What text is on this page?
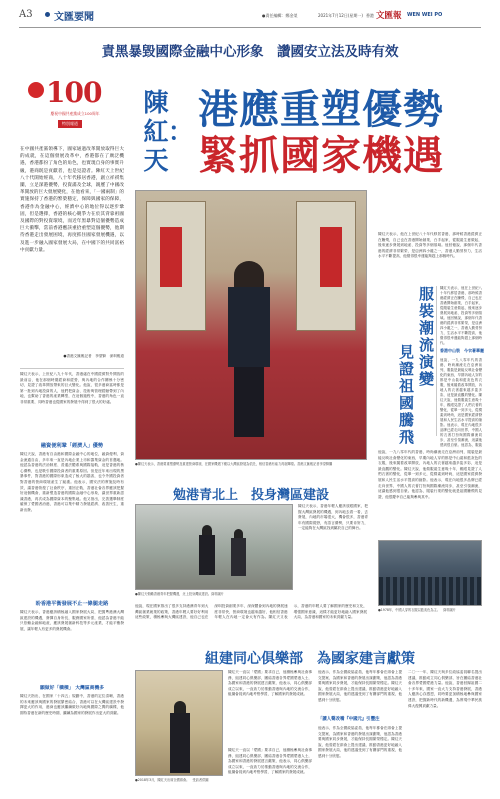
A3 文匯要聞	●責任編輯：鄭金榮	2021年7月12日(星期一) 香港 文匯報 WEN WEI PO
責黑暴毀國際金融中心形象　讚國安立法及時有效
100
慶祝中國共產黨成立100周年
特別報道
陳
紅
天
： 港應重塑優勢
緊抓國家機遇
在中國共產黨領導下，國家通過改革開放取得巨大的成就，在這個發展改革中，香港都在了廣泛機遇，香港都扮了角色的角色，也實現自身的事實升級，港商既是貢獻者，也是見證者。陳紅天上世紀八十代開始經商，八十年代移居香港，創立祥祺集團，立足深港優勢，投資滿及全球，親歷了中國改革開放的巨大發展變化，在他看來，「一國兩制」的實施保持了香港的繁榮穩定，保障與國家的保障，香港作為金融中心，經濟中心的地位得以逐步鞏固，但是選擇，香港的核心競爭力在於其背靠祖國及國際的對投資環境，而近年黑暴對這個優勢造成巨大衝擊，當前香港應該重拾重塑這個優勢，他期待香港走出發展困境，再度抓住國家發展機遇，以及進一步融入國家發展大局，在中國下的共同富裕中貢獻力量。
●香港文匯報記者　李望賢　深圳報道
陳紅天表示，上世紀八九十年代，香港處在中國經濟對外開放的最前沿，他在那個時期經商和經營，與內地的合作關係十分密切，見證了改革開放帶來的巨大變化。他說，很多港商當時都是第一批到內地投資的人，他們把資金、技術與管理經驗帶到了內地，也幫助了香港的產業轉型，在這個過程中，香港的角色一直非常重要，同時香港也從國家的發展中得到了很大的好處。
融資便利鞏「經濟人」優勢
陳紅天說，香港有自由港和國際金融中心的地位，融資便利，資金流通自由，多年來一直是內地企業上市和籌集資金的首選地。他認為香港的法治制度、普通法體系與國際接軌，這是香港的核心優勢，也是吸引國際投資者的重要原因。但是近年來出現的黑暴事件，對香港的國際形象造成了極大的損害，也令外國投資者對香港的營商環境產生了疑慮。他表示，國安法的實施及時有效，讓香港恢復了社會秩序，重回正軌，香港社會各界應該把握好這個機會，重新塑造香港的國際金融中心形象，讓世界重新認識香港，再次成為國際資本的聚集地。他又指出，完善選舉制度確保了愛國者治港，香港可以集中精力發展經濟、改善民生，重新出發。
盼香港平衡發展不止一條腿走路
陳紅天表示，香港應該積極融入國家發展大局，把握粵港澳大灣區建設的機遇，發揮自身所長，服務國家所需，他認為香港不能只依賴金融和地產，應該發展創新科技等多元產業，才能平衡發展，讓年輕人有更多的發展機會。
願做好「橋樑」 大灣區商機多
陳紅天指出，在國家「十四五」規劃中，香港的定位清晰，香港的未來應該與國家的發展緊密結合，香港可以在大灣區建設中發揮更大的作用，港商也應該繼續做好內地與國際之間的橋樑，他期待香港在新的歷史時期，繼續為國家的發展作出更大的貢獻。
●陳紅天表示，香港要重塑優勢及重建營商環境，在國家機遇下應以大灣區發展為依託，相信香港有能力再創輝煌。香港文匯報記者李望賢攝
陳紅天表示，他在上世紀八十年代移居香港，那時候香港經濟正在騰飛，自己也在香港開始創業，白手起家，從服裝生意做起，後來逐步發展到地產、投資等多個領域。他回憶說，那個年代香港的經濟非常繁榮，是亞洲四小龍之一，香港人勤勞努力，生活水平不斷提高，他覺得很幸運能夠趕上那個時代。
服裝潮流演變
見證祖國騰飛
陳紅天表示，他在上世紀八十年代移居香港，那時候香港經濟正在騰飛，自己也在香港開始創業，白手起家，從服裝生意做起，後來逐步發展到地產、投資等多個領域。他回憶說，那個年代香港的經濟非常繁榮，是亞洲四小龍之一，香港人勤勞努力，生活水平不斷提高，他覺得很幸運能夠趕上那個時代。
香港中山裝　今衣著華麗
他說，一九八零年代的香港，時尚潮流走在亞洲前列，服裝是最能反映社會變化的東西，早期內地人穿的都是中山裝和藍灰色的衣服，後來隨着改革開放，內地人的衣著越來越多姿多彩，這是最直觀的變化。陳紅天說，他做服裝生意幾十年，親眼見證了人們衣著的變化，從單一到多元，從樸素到時尚，這是國家經濟發展和人民生活水平提高的縮影。他表示，現在內地很多品牌已經走向世界，中國人的衣著打扮與國際潮流同步，甚至引領潮流，這讓他感到很自豪。他認為，服裝
他說，一九八零年代的香港，時尚潮流走在亞洲前列，服裝是最能反映社會變化的東西，早期內地人穿的都是中山裝和藍灰色的衣服，後來隨着改革開放，內地人的衣著越來越多姿多彩，這是最直觀的變化。陳紅天說，他做服裝生意幾十年，親眼見證了人們衣著的變化，從單一到多元，從樸素到時尚，這是國家經濟發展和人民生活水平提高的縮影。他表示，現在內地很多品牌已經走向世界，中國人的衣著打扮與國際潮流同步，甚至引領潮流，這讓他感到很自豪。他認為，服裝行業的變化就是祖國騰飛的見證，他很慶幸自己能夠參與其中。
●1978年，中國人穿的衣服以藍灰色為主。　資料圖片
勉港青北上　投身灣區建設
陳紅天表示，香港年輕人應該放眼國家，把握大灣區發展的機遇，到內地去看一看，去發展，內地的市場很大，機會很多，香港青年有國際視野，有語言優勢，只要肯努力，一定能夠在大灣區找到屬於自己的舞台。
●陳紅天勉勵香港青年把握機遇，北上投身灣區建設。資料圖片
他說，現在國家推出了很多支持港澳青年到大灣區創業就業的政策，香港年輕人要好好利用這些政策，積極參與大灣區建設，他自己也在深圳投資創業多年，深深體會到內地的發展速度非常快，營商環境也越來越好，他相信香港年輕人在內地一定會大有作為。陳紅天又表示，香港的年輕人要了解國家的歷史和文化，增強國家意識，這樣才能更好地融入國家發展大局，為香港和國家的未來貢獻力量。
組建同心俱樂部　為國家建言獻策
●2018年3月，陳紅天出席全國兩會。　受訪者供圖
陳紅天一直以「愛國」要求自己，他積極參與社會事務，組建同心俱樂部，團結香港各界愛國愛港人士，為國家和香港的發展建言獻策，他表示，同心俱樂部成立以來，一直致力於推動香港與內地的交流合作，組織會員到內地考察學習，了解國家的發展成就。
「讀人聲改嘴『中國元』引豐注
他表示，作為全國政協委員，他每年都會在兩會上提交提案，為國家和香港的發展出謀劃策，他認為香港要與國家同步發展，才能保持長期繁榮穩定。陳紅天說，他曾經在兩會上提出建議，推動香港更好地融入國家發展大局，他的建議受到了有關部門的重視，他感到十分欣慰。
他表示，作為全國政協委員，他每年都會在兩會上提交提案，為國家和香港的發展出謀劃策，他認為香港要與國家同步發展，才能保持長期繁榮穩定。陳紅天說，他曾經在兩會上提出建議，推動香港更好地融入國家發展大局，他的建議受到了有關部門的重視，他感到十分欣慰。
陳紅天一直以「愛國」要求自己，他積極參與社會事務，組建同心俱樂部，團結香港各界愛國愛港人士，為國家和香港的發展建言獻策，他表示，同心俱樂部成立以來，一直致力於推動香港與內地的交流合作，組織會員到內地考察學習，了解國家的發展成就。
二〇一一年，陳紅天與多位政協委員聯名提出建議，推動成立同心俱樂部，旨在團結香港社會各界愛國愛港力量。他說，香港回歸祖國二十多年來，國家一直大力支持香港發展，香港人應該心存感恩，同時要更加積極地參與國家建設，把握新時代的新機遇，為實現中華民族偉大復興貢獻力量。
